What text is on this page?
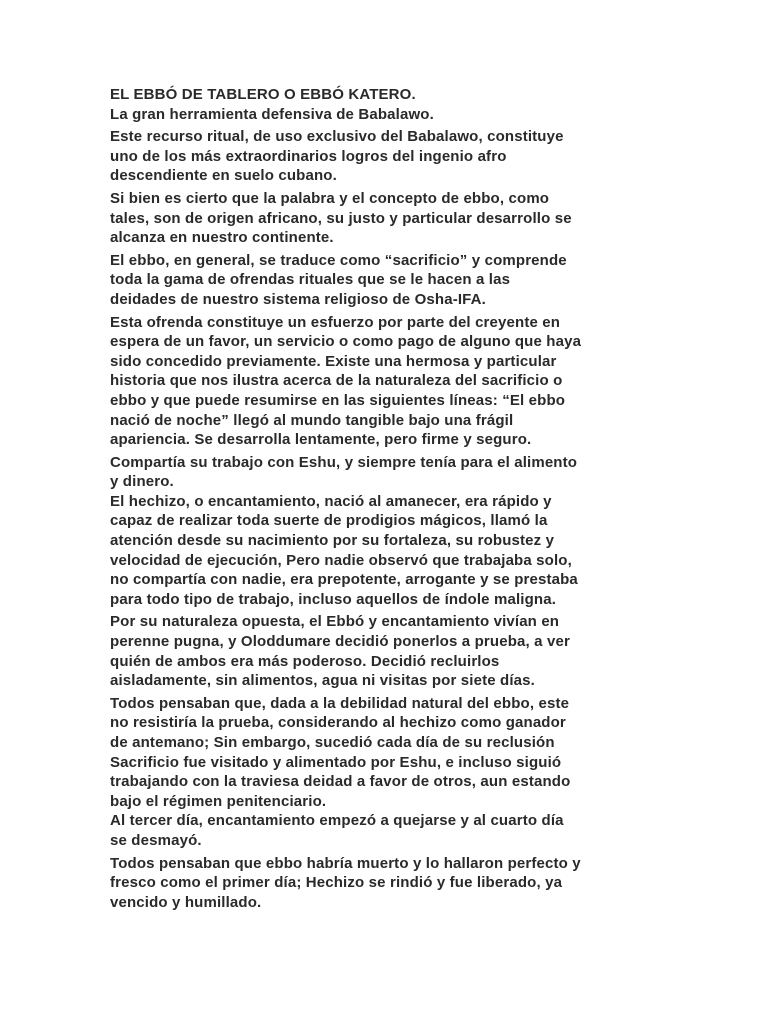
EL EBBÓ DE TABLERO O EBBÓ KATERO.

La gran herramienta defensiva de Babalawo.

Este recurso ritual, de uso exclusivo del Babalawo, constituye
uno de los más extraordinarios logros del ingenio afro
descendiente en suelo cubano.

Si bien es cierto que la palabra y el concepto de ebbo, como
tales, son de origen africano, su justo y particular desarrollo se
alcanza en nuestro continente.

El ebbo, en general, se traduce como “sacrificio” y comprende
toda la gama de ofrendas rituales que se le hacen a las
deidades de nuestro sistema religioso de Osha-IFA.

Esta ofrenda constituye un esfuerzo por parte del creyente en
espera de un favor, un servicio o como pago de alguno que haya
sido concedido previamente. Existe una hermosa y particular
historia que nos ilustra acerca de la naturaleza del sacrificio o
ebbo y que puede resumirse en las siguientes líneas: “El ebbo
nació de noche” llegó al mundo tangible bajo una frágil
apariencia. Se desarrolla lentamente, pero firme y seguro.

Compartía su trabajo con Eshu, y siempre tenía para el alimento
y dinero.

El hechizo, o encantamiento, nació al amanecer, era rápido y
capaz de realizar toda suerte de prodigios mágicos, llamó la
atención desde su nacimiento por su fortaleza, su robustez y
velocidad de ejecución, Pero nadie observó que trabajaba solo,
no compartía con nadie, era prepotente, arrogante y se prestaba
para todo tipo de trabajo, incluso aquellos de índole maligna.

Por su naturaleza opuesta, el Ebbó y encantamiento vivían en
perenne pugna, y Oloddumare decidió ponerlos a prueba, a ver
quién de ambos era más poderoso. Decidió recluirlos
aisladamente, sin alimentos, agua ni visitas por siete días.

Todos pensaban que, dada a la debilidad natural del ebbo, este
no resistiría la prueba, considerando al hechizo como ganador
de antemano; Sin embargo, sucedió cada día de su reclusión
Sacrificio fue visitado y alimentado por Eshu, e incluso siguió
trabajando con la traviesa deidad a favor de otros, aun estando
bajo el régimen penitenciario.

Al tercer día, encantamiento empezó a quejarse y al cuarto día
se desmayó.

Todos pensaban que ebbo habría muerto y lo hallaron perfecto y
fresco como el primer día; Hechizo se rindió y fue liberado, ya
vencido y humillado.
